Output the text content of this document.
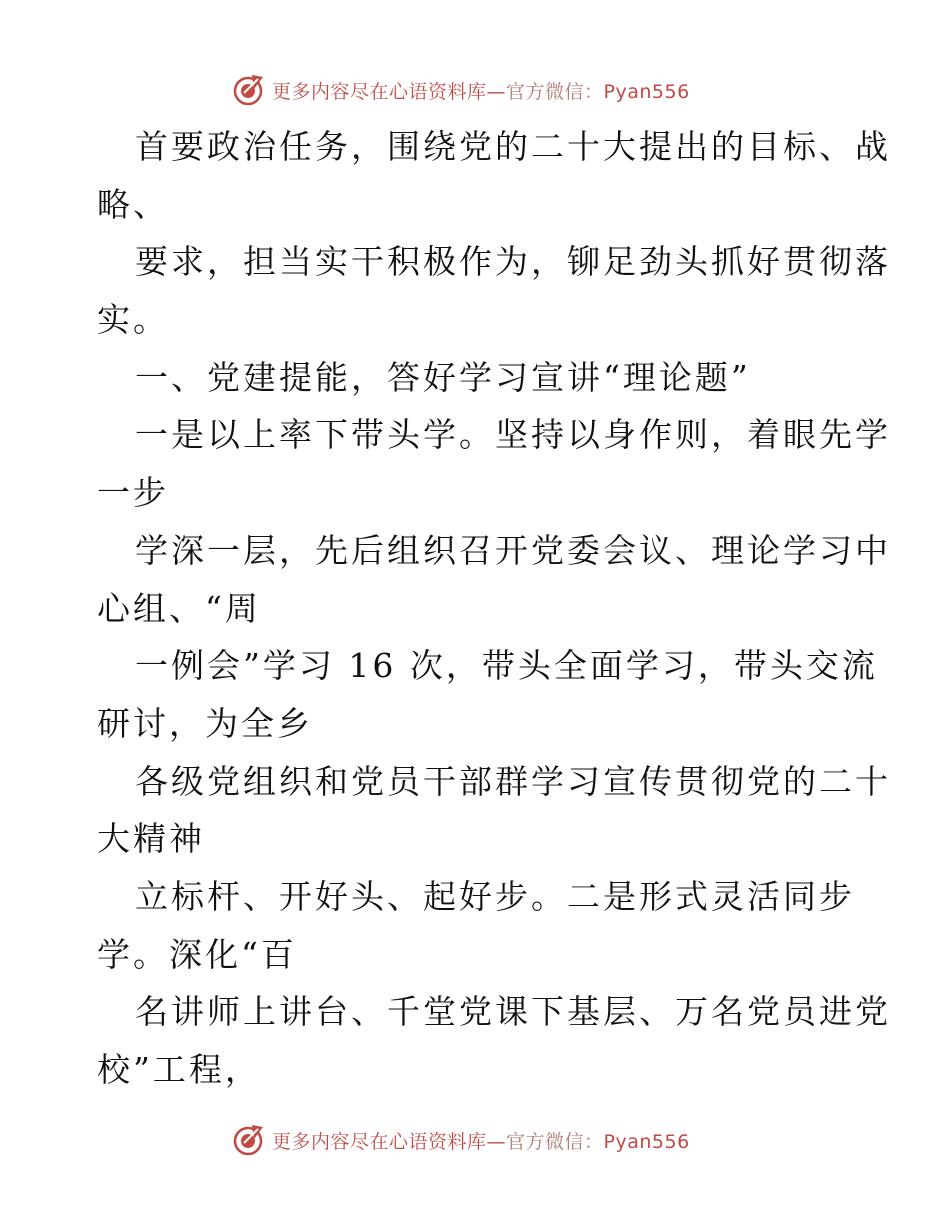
更多内容尽在心语资料库—官方微信：Pyan556
首要政治任务，围绕党的二十大提出的目标、战
略、
要求，担当实干积极作为，铆足劲头抓好贯彻落
实。
一、党建提能，答好学习宣讲“理论题”
一是以上率下带头学。坚持以身作则，着眼先学
一步
学深一层，先后组织召开党委会议、理论学习中
心组、“周
一例会”学习 16 次，带头全面学习，带头交流
研讨，为全乡
各级党组织和党员干部群学习宣传贯彻党的二十
大精神
立标杆、开好头、起好步。二是形式灵活同步
学。深化“百
名讲师上讲台、千堂党课下基层、万名党员进党
校”工程，
更多内容尽在心语资料库—官方微信：Pyan556
